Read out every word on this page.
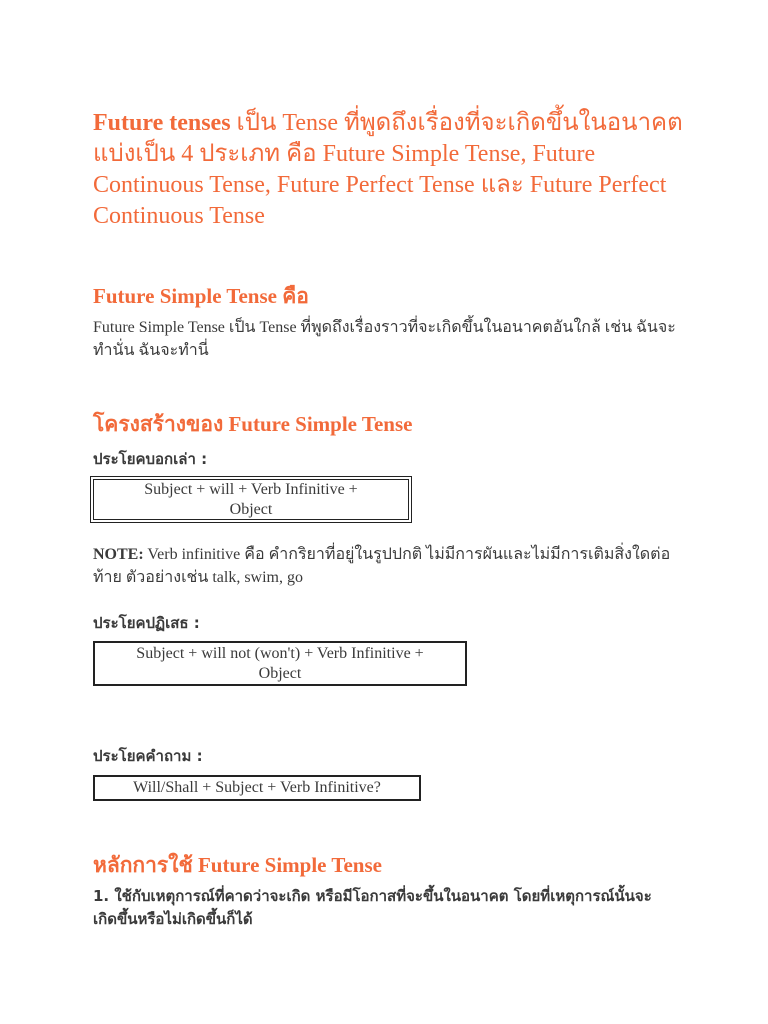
Future tenses เป็น Tense ที่พูดถึงเรื่องที่จะเกิดขึ้นในอนาคต แบ่งเป็น 4 ประเภท คือ Future Simple Tense, Future Continuous Tense, Future Perfect Tense และ Future Perfect Continuous Tense
Future Simple Tense คือ
Future Simple Tense เป็น Tense ที่พูดถึงเรื่องราวที่จะเกิดขึ้นในอนาคตอันใกล้ เช่น ฉันจะทำนั่น ฉันจะทำนี่
โครงสร้างของ Future Simple Tense
ประโยคบอกเล่า :
Subject + will + Verb Infinitive +
Object
NOTE: Verb infinitive คือ คำกริยาที่อยู่ในรูปปกติ ไม่มีการผันและไม่มีการเติมสิ่งใดต่อท้าย ตัวอย่างเช่น talk, swim, go
ประโยคปฏิเสธ :
Subject + will not (won't) + Verb Infinitive +
Object
ประโยคคำถาม :
Will/Shall + Subject + Verb Infinitive?
หลักการใช้ Future Simple Tense
1. ใช้กับเหตุการณ์ที่คาดว่าจะเกิด หรือมีโอกาสที่จะขึ้นในอนาคต โดยที่เหตุการณ์นั้นจะเกิดขึ้นหรือไม่เกิดขึ้นก็ได้
